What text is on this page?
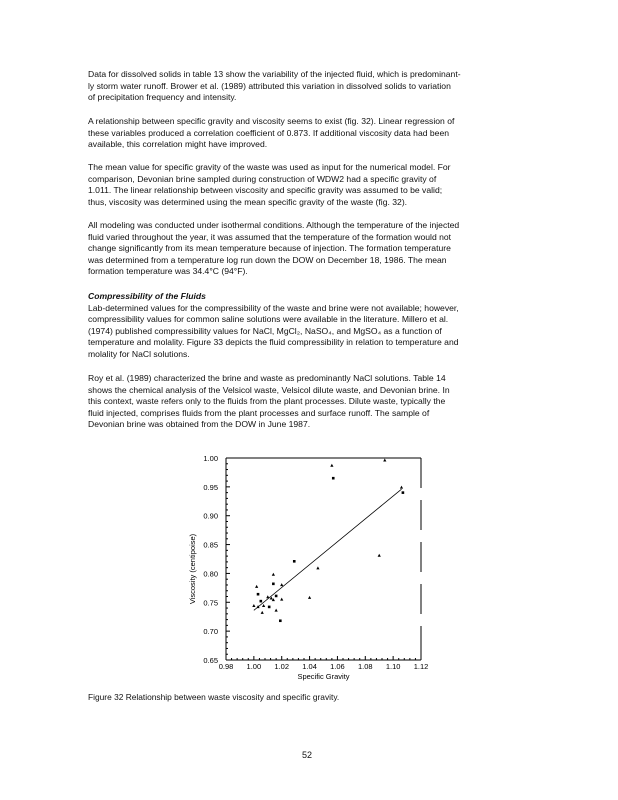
Data for dissolved solids in table 13 show the variability of the injected fluid, which is predominant-
ly storm water runoff. Brower et al. (1989) attributed this variation in dissolved solids to variation
of precipitation frequency and intensity.
A relationship between specific gravity and viscosity seems to exist (fig. 32). Linear regression of
these variables produced a correlation coefficient of 0.873. If additional viscosity data had been
available, this correlation might have improved.
The mean value for specific gravity of the waste was used as input for the numerical model. For
comparison, Devonian brine sampled during construction of WDW2 had a specific gravity of
1.011. The linear relationship between viscosity and specific gravity was assumed to be valid;
thus, viscosity was determined using the mean specific gravity of the waste (fig. 32).
All modeling was conducted under isothermal conditions. Although the temperature of the injected
fluid varied throughout the year, it was assumed that the temperature of the formation would not
change significantly from its mean temperature because of injection. The formation temperature
was determined from a temperature log run down the DOW on December 18, 1986. The mean
formation temperature was 34.4°C (94°F).
Compressibility of the Fluids
Lab-determined values for the compressibility of the waste and brine were not available; however,
compressibility values for common saline solutions were available in the literature. Millero et al.
(1974) published compressibility values for NaCl, MgCl₂, NaSO₄, and MgSO₄ as a function of
temperature and molality. Figure 33 depicts the fluid compressibility in relation to temperature and
molality for NaCl solutions.
Roy et al. (1989) characterized the brine and waste as predominantly NaCl solutions. Table 14
shows the chemical analysis of the Velsicol waste, Velsicol dilute waste, and Devonian brine. In
this context, waste refers only to the fluids from the plant processes. Dilute waste, typically the
fluid injected, comprises fluids from the plant processes and surface runoff. The sample of
Devonian brine was obtained from the DOW in June 1987.
0.65
0.70
0.75
0.80
0.85
0.90
0.95
1.00
0.98 1.00 1.02 1.04 1.06 1.08 1.10 1.12
Specific Gravity
Viscosity (centipoise)
Figure 32 Relationship between waste viscosity and specific gravity.
52
